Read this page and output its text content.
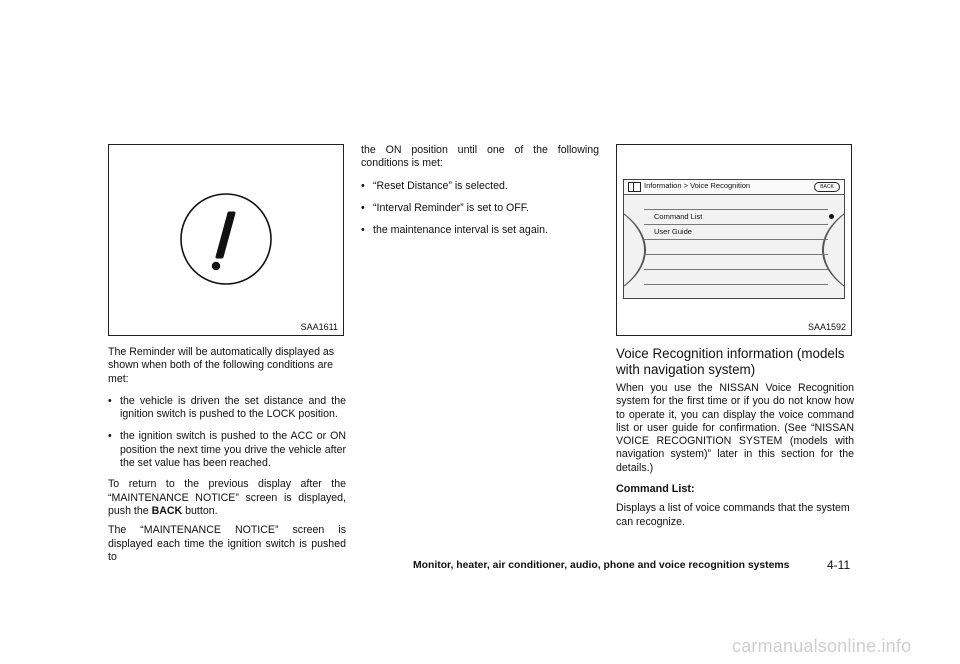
SAA1611

The Reminder will be automatically displayed as shown when both of the following conditions are met:

• the vehicle is driven the set distance and the ignition switch is pushed to the LOCK position.

• the ignition switch is pushed to the ACC or ON position the next time you drive the vehicle after the set value has been reached.

To return to the previous display after the “MAINTENANCE NOTICE” screen is displayed, push the BACK button.

The “MAINTENANCE NOTICE” screen is displayed each time the ignition switch is pushed to

the ON position until one of the following conditions is met:

• “Reset Distance” is selected.

• “Interval Reminder” is set to OFF.

• the maintenance interval is set again.

Information > Voice Recognition	BACK
Command List
User Guide
SAA1592
Voice Recognition information (models with navigation system)

When you use the NISSAN Voice Recognition system for the first time or if you do not know how to operate it, you can display the voice command list or user guide for confirmation. (See “NISSAN VOICE RECOGNITION SYSTEM (models with navigation system)” later in this section for the details.)

Command List:

Displays a list of voice commands that the system can recognize.

Monitor, heater, air conditioner, audio, phone and voice recognition systems	4-11
carmanualsonline.info
